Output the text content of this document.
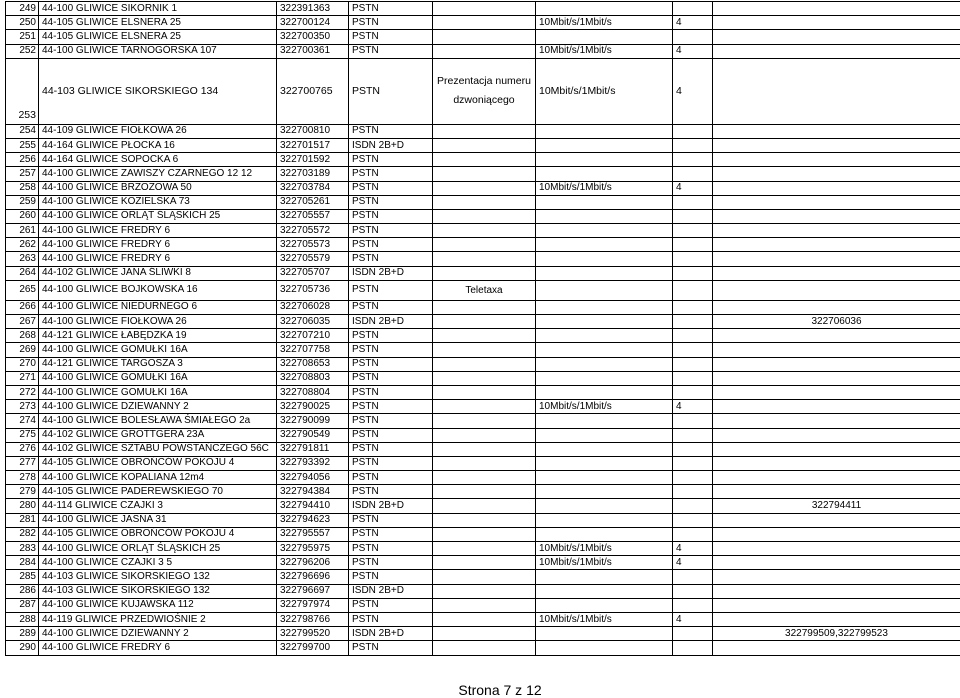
249	44-100 GLIWICE SIKORNIK 1	322391363	PSTN				
250	44-105 GLIWICE ELSNERA 25	322700124	PSTN		10Mbit/s/1Mbit/s	4	
251	44-105 GLIWICE ELSNERA 25	322700350	PSTN				
252	44-100 GLIWICE TARNOGÓRSKA 107	322700361	PSTN		10Mbit/s/1Mbit/s	4	
253	44-103 GLIWICE SIKORSKIEGO 134	322700765	PSTN	Prezentacja numeru dzwoniącego	10Mbit/s/1Mbit/s	4	
254	44-109 GLIWICE FIOŁKOWA 26	322700810	PSTN				
255	44-164 GLIWICE PŁOCKA 16	322701517	ISDN 2B+D				
256	44-164 GLIWICE SOPOCKA 6	322701592	PSTN				
257	44-100 GLIWICE ZAWISZY CZARNEGO 12 12	322703189	PSTN				
258	44-100 GLIWICE BRZOZOWA 50	322703784	PSTN		10Mbit/s/1Mbit/s	4	
259	44-100 GLIWICE KOZIELSKA 73	322705261	PSTN				
260	44-100 GLIWICE ORLĄT ŚLĄSKICH 25	322705557	PSTN				
261	44-100 GLIWICE FREDRY 6	322705572	PSTN				
262	44-100 GLIWICE FREDRY 6	322705573	PSTN				
263	44-100 GLIWICE FREDRY 6	322705579	PSTN				
264	44-102 GLIWICE JANA ŚLIWKI 8	322705707	ISDN 2B+D				
265	44-100 GLIWICE BOJKOWSKA 16	322705736	PSTN	Teletaxa			
266	44-100 GLIWICE NIEDURNEGO 6	322706028	PSTN				
267	44-100 GLIWICE FIOŁKOWA 26	322706035	ISDN 2B+D				322706036
268	44-121 GLIWICE ŁABĘDZKA 19	322707210	PSTN				
269	44-100 GLIWICE GOMUŁKI 16A	322707758	PSTN				
270	44-121 GLIWICE TARGOSZA 3	322708653	PSTN				
271	44-100 GLIWICE GOMUŁKI 16A	322708803	PSTN				
272	44-100 GLIWICE GOMUŁKI 16A	322708804	PSTN				
273	44-100 GLIWICE DZIEWANNY 2	322790025	PSTN		10Mbit/s/1Mbit/s	4	
274	44-100 GLIWICE BOLESŁAWA ŚMIAŁEGO 2a	322790099	PSTN				
275	44-102 GLIWICE GROTTGERA 23A	322790549	PSTN				
276	44-102 GLIWICE SZTABU POWSTAŃCZEGO 56C	322791811	PSTN				
277	44-105 GLIWICE OBROŃCÓW POKOJU 4	322793392	PSTN				
278	44-100 GLIWICE KOPALIANA 12m4	322794056	PSTN				
279	44-105 GLIWICE PADEREWSKIEGO 70	322794384	PSTN				
280	44-114 GLIWICE CZAJKI 3	322794410	ISDN 2B+D				322794411
281	44-100 GLIWICE JASNA 31	322794623	PSTN				
282	44-105 GLIWICE OBROŃCÓW POKOJU 4	322795557	PSTN				
283	44-100 GLIWICE ORLĄT ŚLĄSKICH 25	322795975	PSTN		10Mbit/s/1Mbit/s	4	
284	44-100 GLIWICE CZAJKI 3 5	322796206	PSTN		10Mbit/s/1Mbit/s	4	
285	44-103 GLIWICE SIKORSKIEGO 132	322796696	PSTN				
286	44-103 GLIWICE SIKORSKIEGO 132	322796697	ISDN 2B+D				
287	44-100 GLIWICE KUJAWSKA 112	322797974	PSTN				
288	44-119 GLIWICE PRZEDWIOŚNIE 2	322798766	PSTN		10Mbit/s/1Mbit/s	4	
289	44-100 GLIWICE DZIEWANNY 2	322799520	ISDN 2B+D				322799509,322799523
290	44-100 GLIWICE FREDRY 6	322799700	PSTN				
Strona 7 z 12
